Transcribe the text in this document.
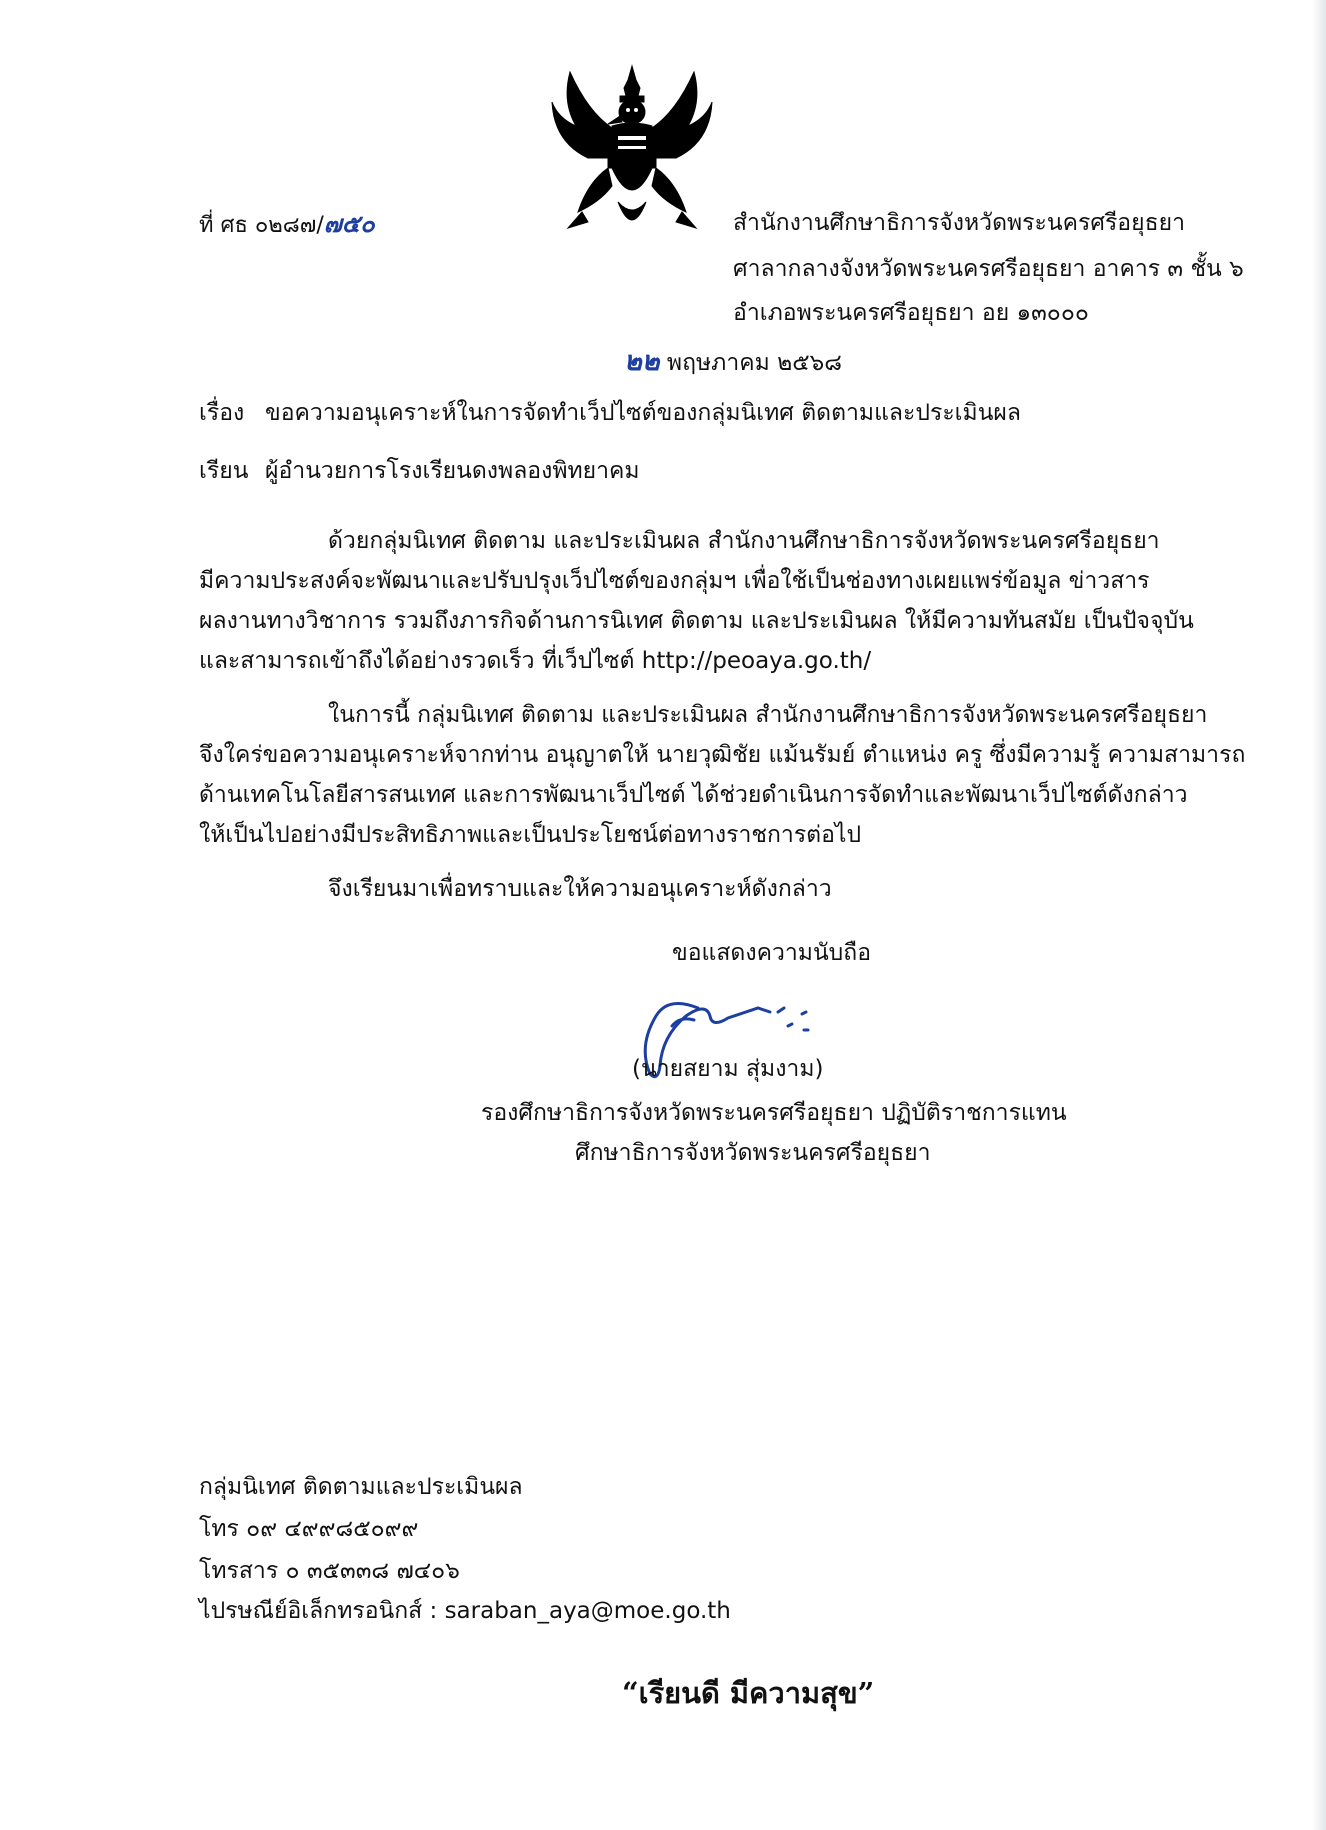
ที่ ศธ ๐๒๘๗/๗๕๐	สำนักงานศึกษาธิการจังหวัดพระนครศรีอยุธยา
ศาลากลางจังหวัดพระนครศรีอยุธยา อาคาร ๓ ชั้น ๖
อำเภอพระนครศรีอยุธยา อย ๑๓๐๐๐
๒๒ พฤษภาคม ๒๕๖๘
เรื่อง ขอความอนุเคราะห์ในการจัดทำเว็ปไซต์ของกลุ่มนิเทศ ติดตามและประเมินผล
เรียน ผู้อำนวยการโรงเรียนดงพลองพิทยาคม
ด้วยกลุ่มนิเทศ ติดตาม และประเมินผล สำนักงานศึกษาธิการจังหวัดพระนครศรีอยุธยา
มีความประสงค์จะพัฒนาและปรับปรุงเว็ปไซต์ของกลุ่มฯ เพื่อใช้เป็นช่องทางเผยแพร่ข้อมูล ข่าวสาร
ผลงานทางวิชาการ รวมถึงภารกิจด้านการนิเทศ ติดตาม และประเมินผล ให้มีความทันสมัย เป็นปัจจุบัน
และสามารถเข้าถึงได้อย่างรวดเร็ว ที่เว็ปไซต์ http://peoaya.go.th/
ในการนี้ กลุ่มนิเทศ ติดตาม และประเมินผล สำนักงานศึกษาธิการจังหวัดพระนครศรีอยุธยา
จึงใคร่ขอความอนุเคราะห์จากท่าน อนุญาตให้ นายวุฒิชัย แม้นรัมย์ ตำแหน่ง ครู ซึ่งมีความรู้ ความสามารถ
ด้านเทคโนโลยีสารสนเทศ และการพัฒนาเว็ปไซต์ ได้ช่วยดำเนินการจัดทำและพัฒนาเว็ปไซต์ดังกล่าว
ให้เป็นไปอย่างมีประสิทธิภาพและเป็นประโยชน์ต่อทางราชการต่อไป
จึงเรียนมาเพื่อทราบและให้ความอนุเคราะห์ดังกล่าว
ขอแสดงความนับถือ
(นายสยาม สุ่มงาม)
รองศึกษาธิการจังหวัดพระนครศรีอยุธยา ปฏิบัติราชการแทน
ศึกษาธิการจังหวัดพระนครศรีอยุธยา
กลุ่มนิเทศ ติดตามและประเมินผล
โทร ๐๙ ๔๙๙๘๕๐๙๙
โทรสาร ๐ ๓๕๓๓๘ ๗๔๐๖
ไปรษณีย์อิเล็กทรอนิกส์ : saraban_aya@moe.go.th
“เรียนดี มีความสุข”
